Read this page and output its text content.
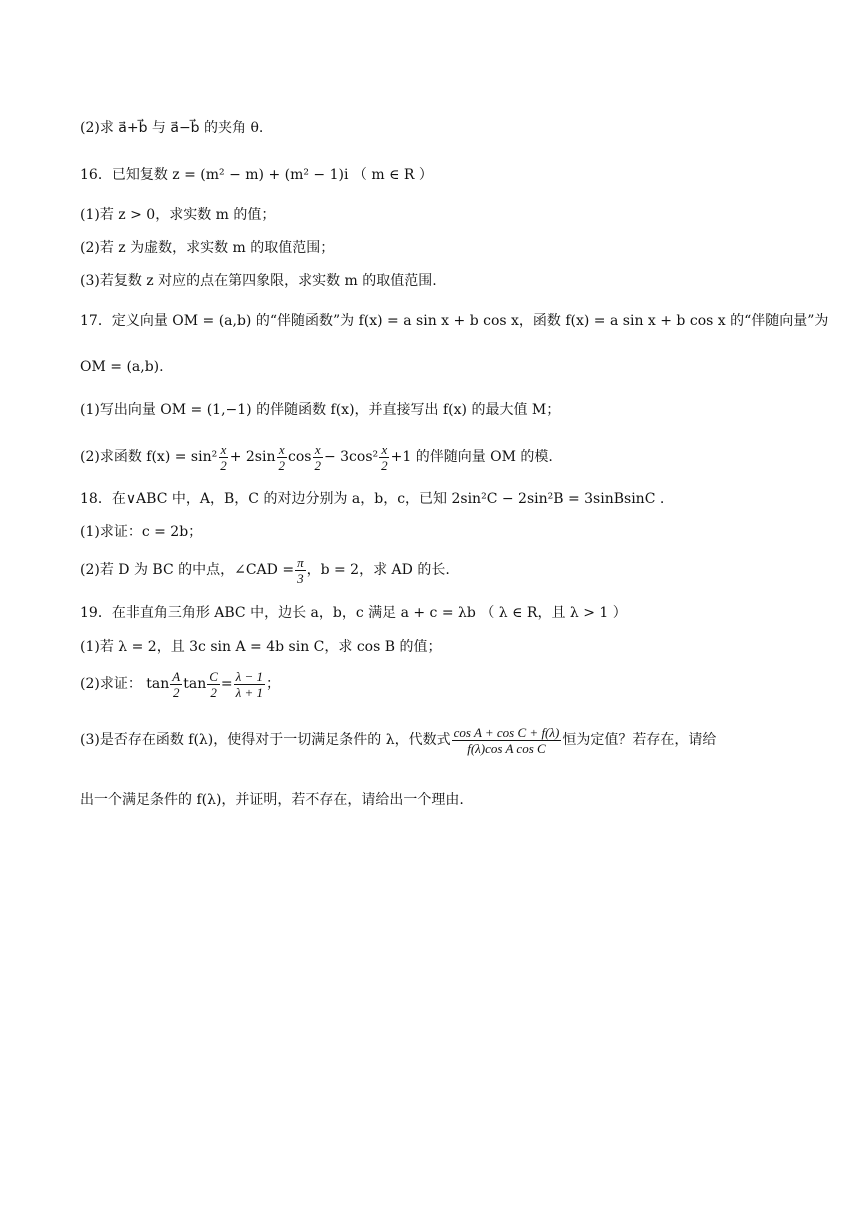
(2)求 a⃗+b⃗ 与 a⃗−b⃗ 的夹角 θ.
16．已知复数 z = (m² − m) + (m² − 1)i （ m ∈ R ）
(1)若 z > 0，求实数 m 的值；
(2)若 z 为虚数，求实数 m 的取值范围；
(3)若复数 z 对应的点在第四象限，求实数 m 的取值范围.
17．定义向量 OM = (a,b) 的“伴随函数”为 f(x) = a sin x + b cos x，函数 f(x) = a sin x + b cos x 的“伴随向量”为
OM = (a,b).
(1)写出向量 OM = (1,−1) 的伴随函数 f(x)，并直接写出 f(x) 的最大值 M；
(2)求函数 $f(x) = \sin^2 \frac{x}{2} + 2\sin \frac{x}{2}$ $\cos \frac{x}{2} - 3\cos^2 \frac{x}{2} +1$ 的伴随向量 OM 的模.
18．在∨ABC 中，A，B，C 的对边分别为 a，b，c，已知 2sin²C − 2sin²B = 3sinBsinC .
(1)求证：c = 2b；
(2)若 D 为 BC 的中点，∠CAD = $\frac{\pi}{3}$ ，b = 2，求 AD 的长.
19．在非直角三角形 ABC 中，边长 a，b，c 满足 a + c = λb （ λ ∈ R，且 λ > 1 ）
(1)若 λ = 2，且 3c sin A = 4b sin C，求 cos B 的值；
(2)求证： $\tan \frac{A}{2}$ $\tan \frac{C}{2} = \frac{\lambda - 1}{\lambda + 1}$ ；
(3)是否存在函数 f(λ)，使得对于一切满足条件的 λ，代数式 $\frac{\text{cos A + cos C + f(λ)}}{\text{f(λ)cos A cos C}}$ 恒为定值？若存在，请给
出一个满足条件的 f(λ)，并证明，若不存在，请给出一个理由.
